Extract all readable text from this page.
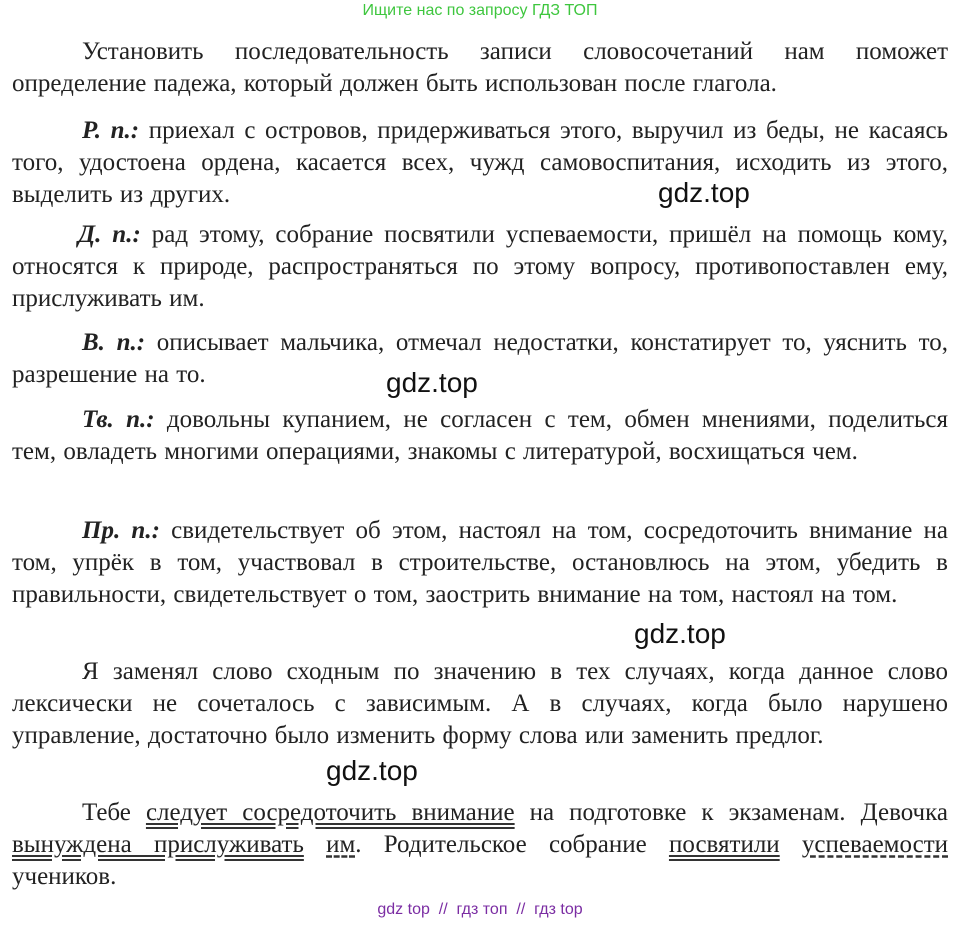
Ищите нас по запросу ГДЗ ТОП

Установить последовательность записи словосочетаний нам поможет определение падежа, который должен быть использован после глагола.

Р. п.: приехал с островов, придерживаться этого, выручил из беды, не касаясь того, удостоена ордена, касается всех, чужд самовоспитания, исходить из этого, выделить из других.

Д. п.: рад этому, собрание посвятили успеваемости, пришёл на помощь кому, относятся к природе, распространяться по этому вопросу, противопоставлен ему, прислуживать им.

В. п.: описывает мальчика, отмечал недостатки, констатирует то, уяснить то, разрешение на то.

Тв. п.: довольны купанием, не согласен с тем, обмен мнениями, поделиться тем, овладеть многими операциями, знакомы с литературой, восхищаться чем.

Пр. п.: свидетельствует об этом, настоял на том, сосредоточить внимание на том, упрёк в том, участвовал в строительстве, остановлюсь на этом, убедить в правильности, свидетельствует о том, заострить внимание на том, настоял на том.

Я заменял слово сходным по значению в тех случаях, когда данное слово лексически не сочеталось с зависимым. А в случаях, когда было нарушено управление, достаточно было изменить форму слова или заменить предлог.

Тебе следует сосредоточить внимание на подготовке к экзаменам. Девочка вынуждена прислуживать им. Родительское собрание посвятили успеваемости учеников.

gdz.top
gdz.top
gdz.top
gdz.top
gdz top  //  гдз топ  //  гдз top
